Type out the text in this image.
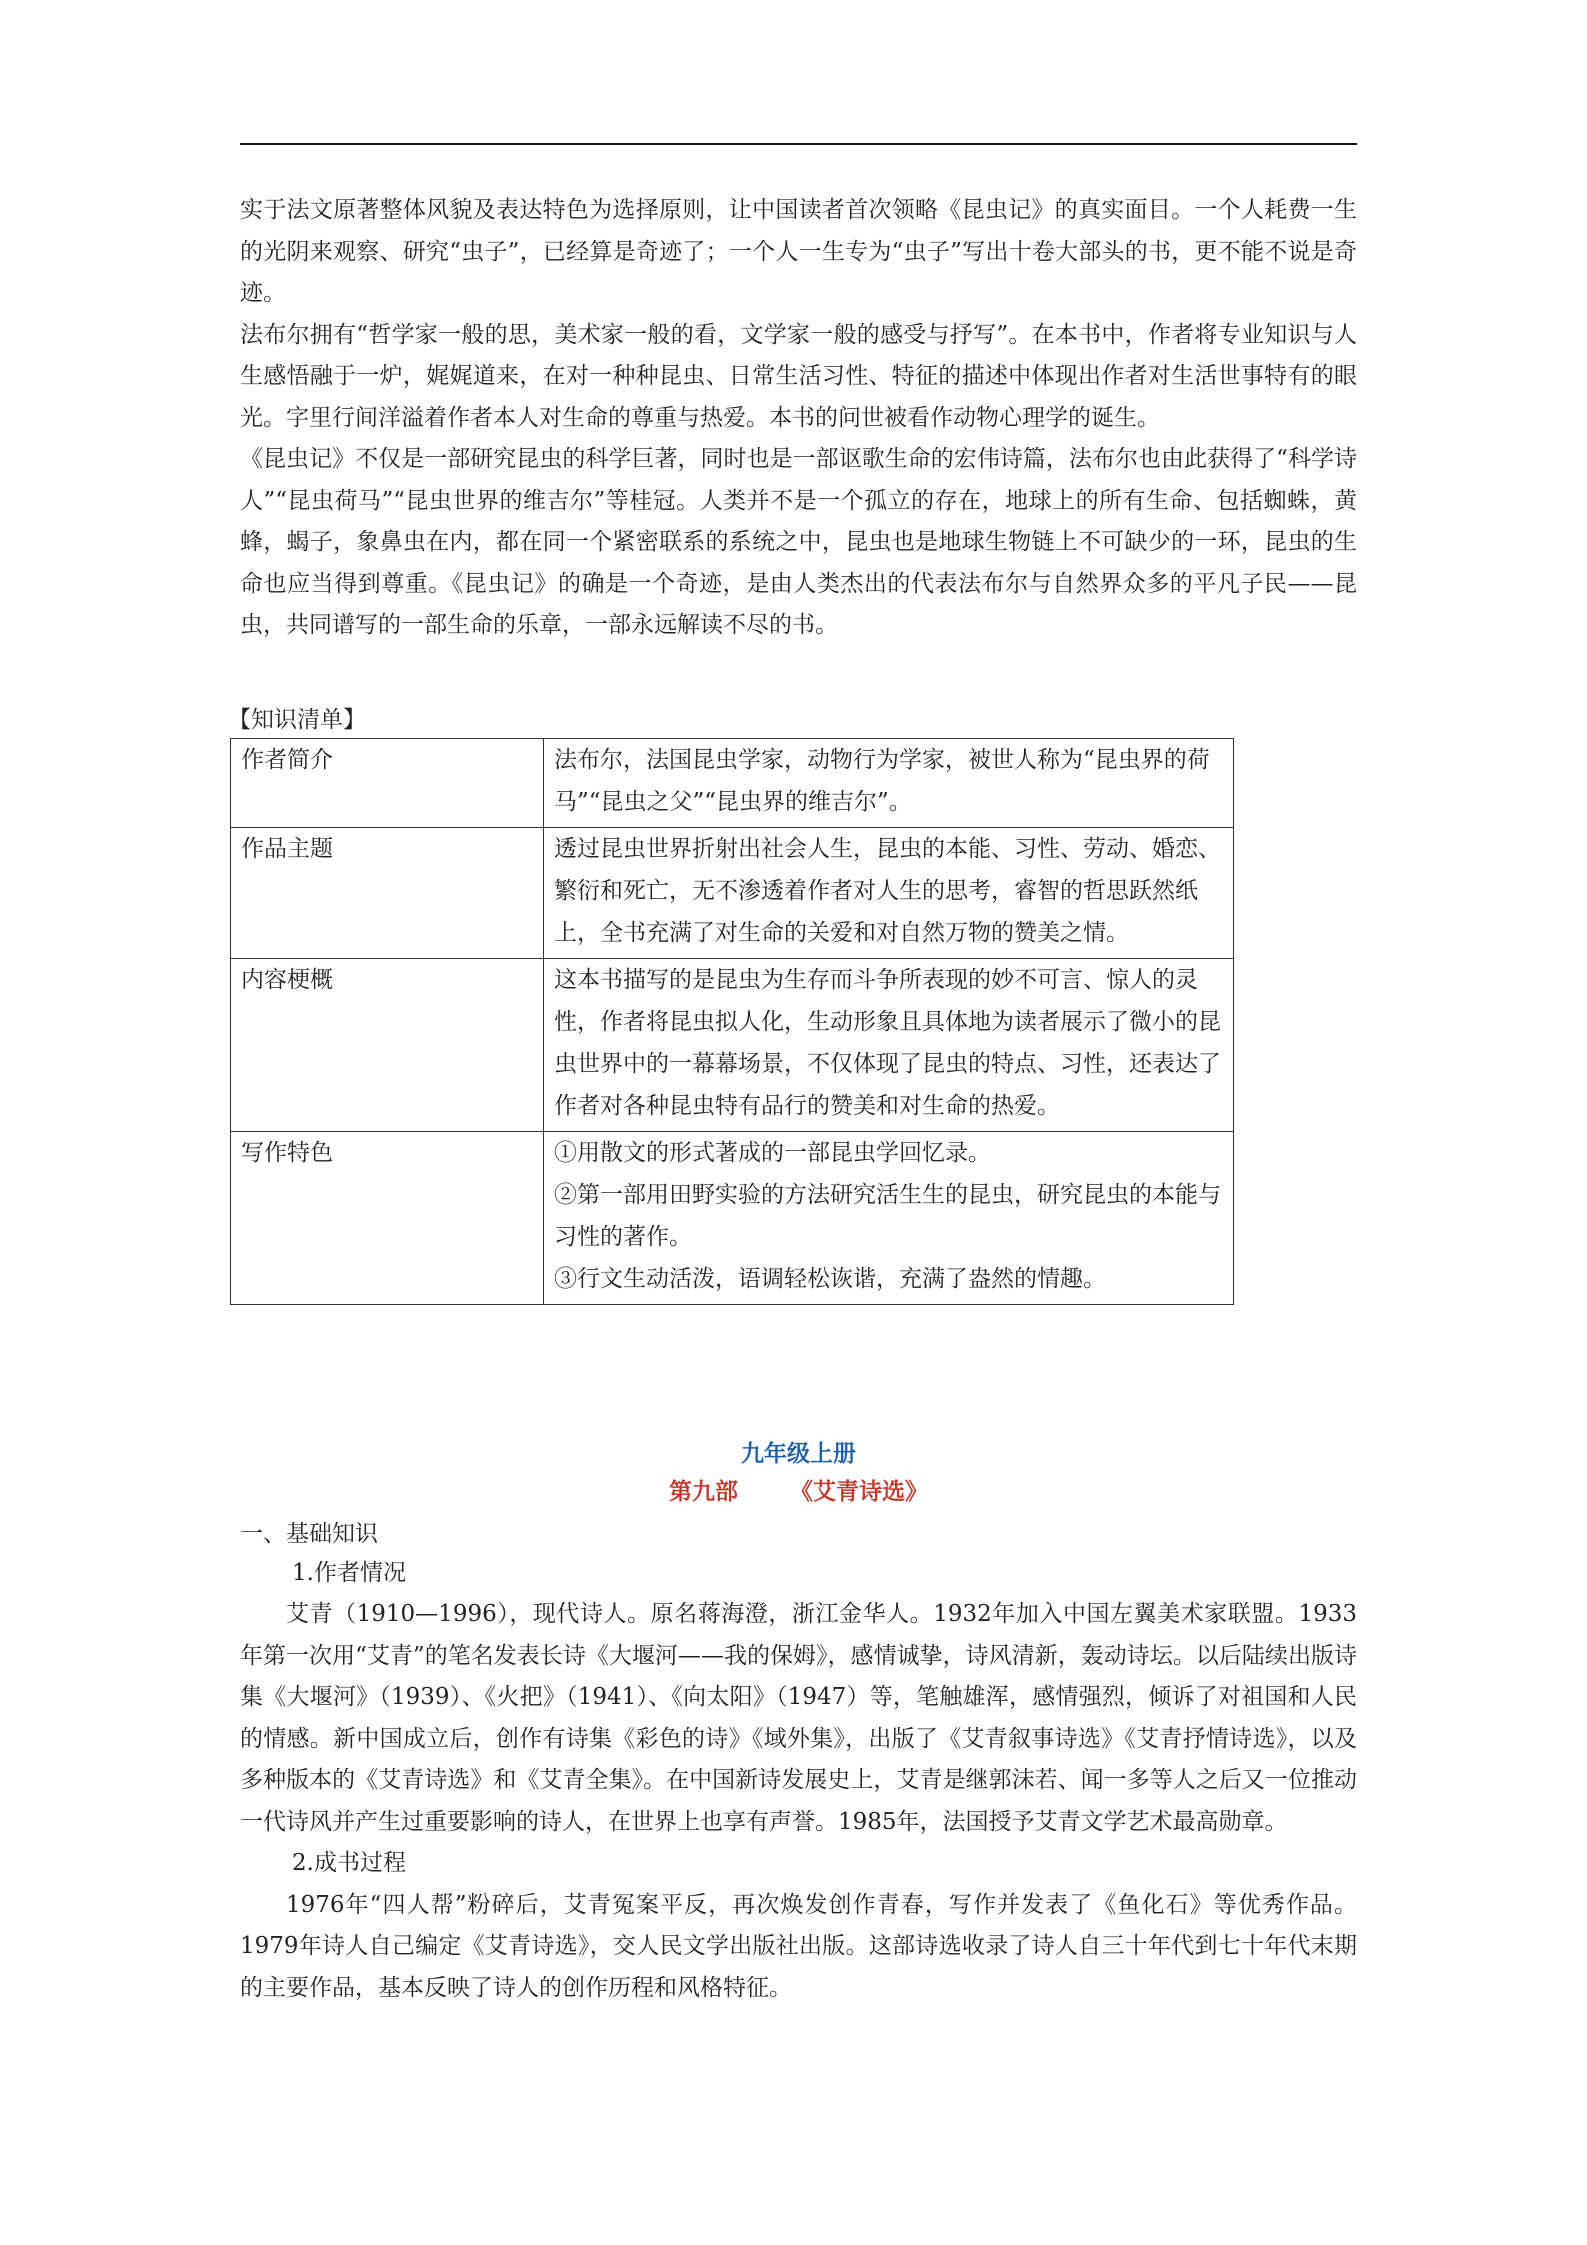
实于法文原著整体风貌及表达特色为选择原则，让中国读者首次领略《昆虫记》的真实面目。一个人耗费一生的光阴来观察、研究“虫子”，已经算是奇迹了；一个人一生专为“虫子”写出十卷大部头的书，更不能不说是奇迹。

法布尔拥有“哲学家一般的思，美术家一般的看，文学家一般的感受与抒写”。在本书中，作者将专业知识与人生感悟融于一炉，娓娓道来，在对一种种昆虫、日常生活习性、特征的描述中体现出作者对生活世事特有的眼光。字里行间洋溢着作者本人对生命的尊重与热爱。本书的问世被看作动物心理学的诞生。

《昆虫记》不仅是一部研究昆虫的科学巨著，同时也是一部讴歌生命的宏伟诗篇，法布尔也由此获得了“科学诗人”“昆虫荷马”“昆虫世界的维吉尔”等桂冠。人类并不是一个孤立的存在，地球上的所有生命、包括蜘蛛，黄蜂，蝎子，象鼻虫在内，都在同一个紧密联系的系统之中，昆虫也是地球生物链上不可缺少的一环，昆虫的生命也应当得到尊重。《昆虫记》的确是一个奇迹，是由人类杰出的代表法布尔与自然界众多的平凡子民——昆虫，共同谱写的一部生命的乐章，一部永远解读不尽的书。

【知识清单】

作者简介	法布尔，法国昆虫学家，动物行为学家，被世人称为“昆虫界的荷马”“昆虫之父”“昆虫界的维吉尔”。

作品主题	透过昆虫世界折射出社会人生，昆虫的本能、习性、劳动、婚恋、繁衍和死亡，无不渗透着作者对人生的思考，睿智的哲思跃然纸上，全书充满了对生命的关爱和对自然万物的赞美之情。

内容梗概	这本书描写的是昆虫为生存而斗争所表现的妙不可言、惊人的灵性，作者将昆虫拟人化，生动形象且具体地为读者展示了微小的昆虫世界中的一幕幕场景，不仅体现了昆虫的特点、习性，还表达了作者对各种昆虫特有品行的赞美和对生命的热爱。

写作特色	①用散文的形式著成的一部昆虫学回忆录。
②第一部用田野实验的方法研究活生生的昆虫，研究昆虫的本能与习性的著作。
③行文生动活泼，语调轻松诙谐，充满了盎然的情趣。

九年级上册

第九部 《艾青诗选》

一、基础知识

1.作者情况

艾青（1910—1996），现代诗人。原名蒋海澄，浙江金华人。1932年加入中国左翼美术家联盟。1933年第一次用“艾青”的笔名发表长诗《大堰河——我的保姆》，感情诚挚，诗风清新，轰动诗坛。以后陆续出版诗集《大堰河》（1939）、《火把》（1941）、《向太阳》（1947）等，笔触雄浑，感情强烈，倾诉了对祖国和人民的情感。新中国成立后，创作有诗集《彩色的诗》《域外集》，出版了《艾青叙事诗选》《艾青抒情诗选》，以及多种版本的《艾青诗选》和《艾青全集》。在中国新诗发展史上，艾青是继郭沫若、闻一多等人之后又一位推动一代诗风并产生过重要影响的诗人，在世界上也享有声誉。1985年，法国授予艾青文学艺术最高勋章。

2.成书过程

1976年“四人帮”粉碎后，艾青冤案平反，再次焕发创作青春，写作并发表了《鱼化石》等优秀作品。1979年诗人自己编定《艾青诗选》，交人民文学出版社出版。这部诗选收录了诗人自三十年代到七十年代末期的主要作品，基本反映了诗人的创作历程和风格特征。
